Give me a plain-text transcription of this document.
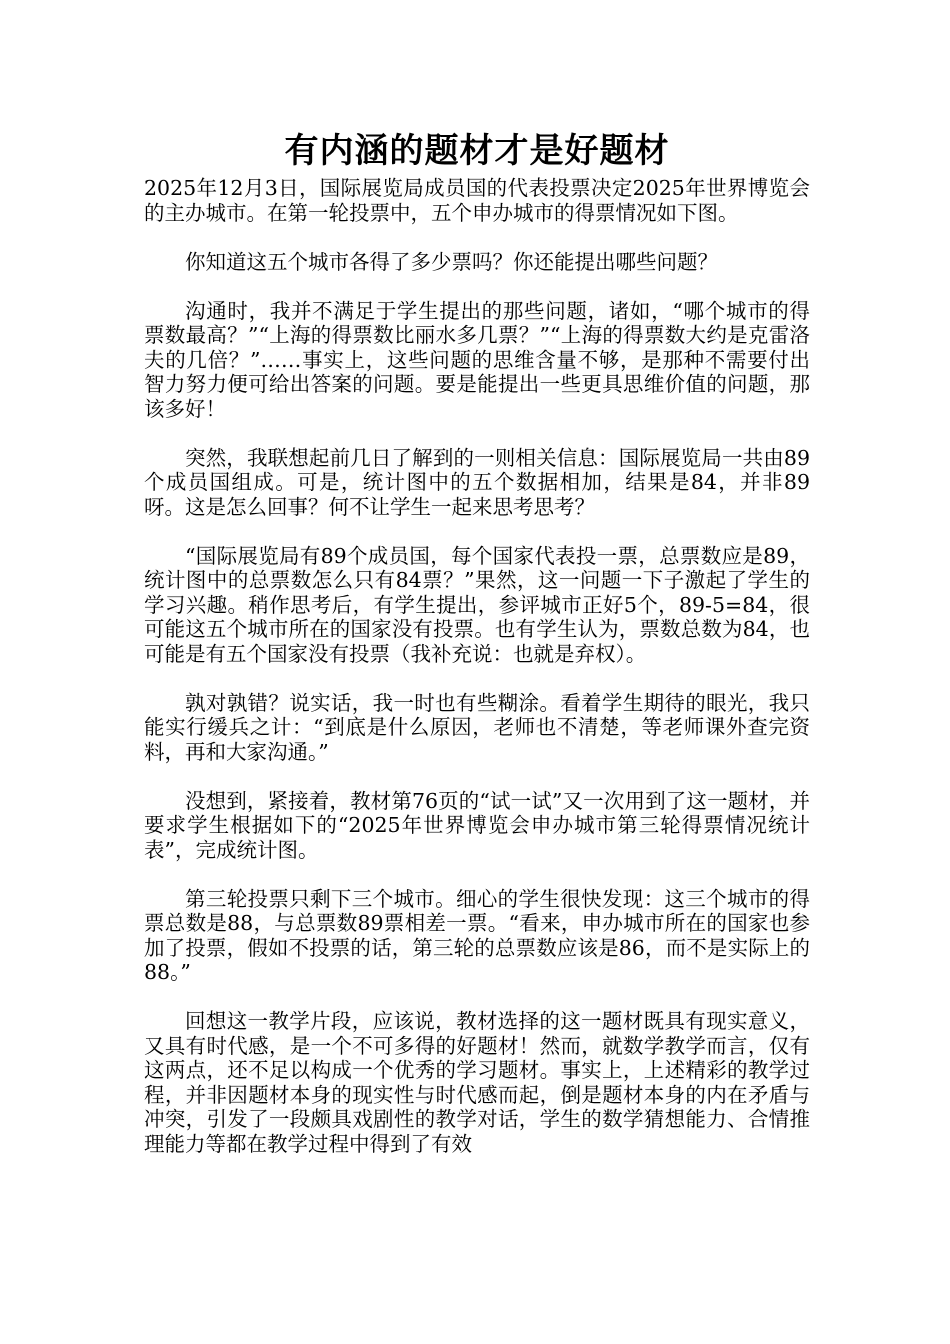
有内涵的题材才是好题材

2025年12月3日，国际展览局成员国的代表投票决定2025年世界博览会的主办城市。在第一轮投票中，五个申办城市的得票情况如下图。

你知道这五个城市各得了多少票吗？你还能提出哪些问题？

沟通时，我并不满足于学生提出的那些问题，诸如，“哪个城市的得票数最高？”“上海的得票数比丽水多几票？”“上海的得票数大约是克雷洛夫的几倍？”……事实上，这些问题的思维含量不够，是那种不需要付出智力努力便可给出答案的问题。要是能提出一些更具思维价值的问题，那该多好！

突然，我联想起前几日了解到的一则相关信息：国际展览局一共由89个成员国组成。可是，统计图中的五个数据相加，结果是84，并非89呀。这是怎么回事？何不让学生一起来思考思考？

“国际展览局有89个成员国，每个国家代表投一票，总票数应是89，统计图中的总票数怎么只有84票？”果然，这一问题一下子激起了学生的学习兴趣。稍作思考后，有学生提出，参评城市正好5个，89-5=84，很可能这五个城市所在的国家没有投票。也有学生认为，票数总数为84，也可能是有五个国家没有投票（我补充说：也就是弃权）。

孰对孰错？说实话，我一时也有些糊涂。看着学生期待的眼光，我只能实行缓兵之计：“到底是什么原因，老师也不清楚，等老师课外查完资料，再和大家沟通。”

没想到，紧接着，教材第76页的“试一试”又一次用到了这一题材，并要求学生根据如下的“2025年世界博览会申办城市第三轮得票情况统计表”，完成统计图。

第三轮投票只剩下三个城市。细心的学生很快发现：这三个城市的得票总数是88，与总票数89票相差一票。“看来，申办城市所在的国家也参加了投票，假如不投票的话，第三轮的总票数应该是86，而不是实际上的88。”

回想这一教学片段，应该说，教材选择的这一题材既具有现实意义，又具有时代感，是一个不可多得的好题材！然而，就数学教学而言，仅有这两点，还不足以构成一个优秀的学习题材。事实上，上述精彩的教学过程，并非因题材本身的现实性与时代感而起，倒是题材本身的内在矛盾与冲突，引发了一段颇具戏剧性的教学对话，学生的数学猜想能力、合情推理能力等都在教学过程中得到了有效
